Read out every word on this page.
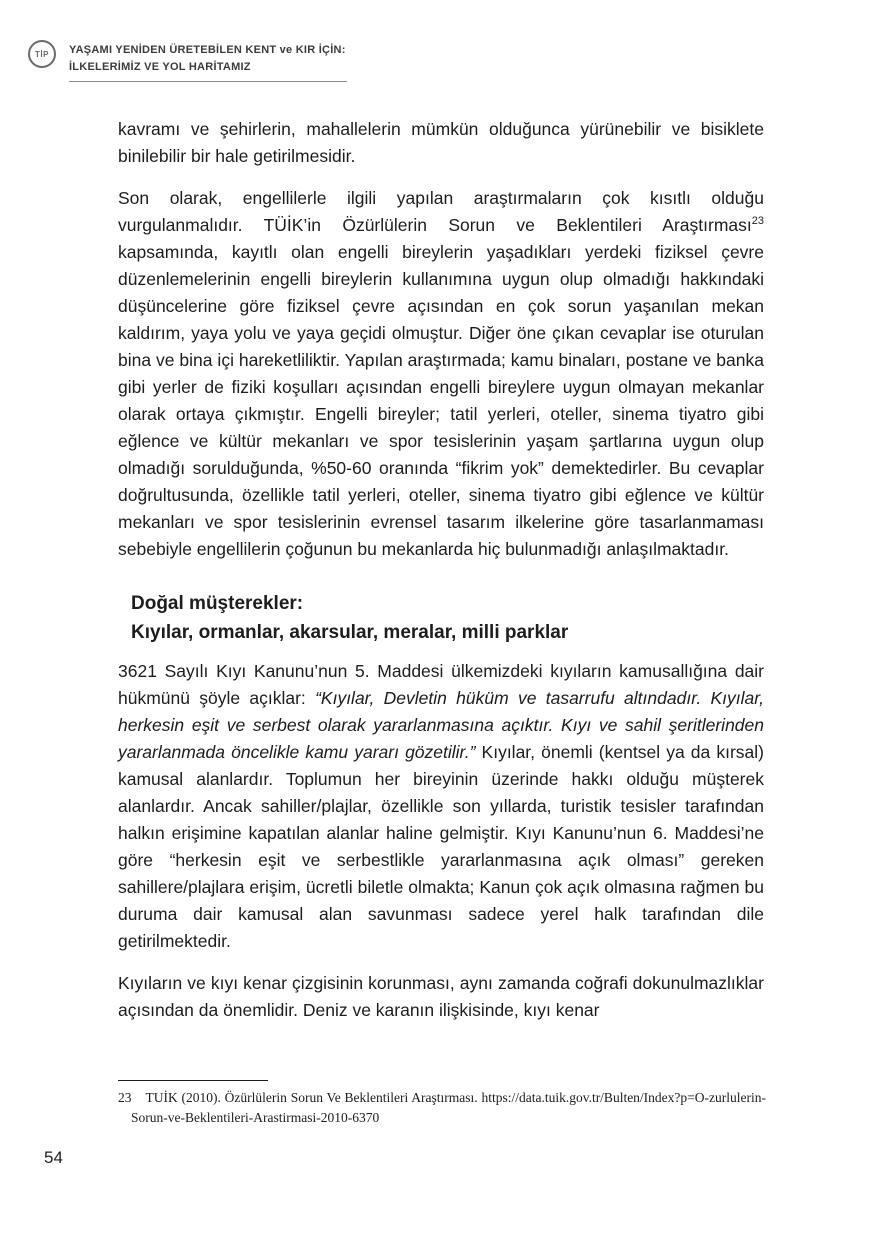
TİP	YAŞAMI YENİDEN ÜRETEBİLEN KENT ve KIR İÇİN:
İLKELERİMİZ VE YOL HARİTAMIZ

kavramı ve şehirlerin, mahallelerin mümkün olduğunca yürünebilir ve bisiklete binilebilir bir hale getirilmesidir.

Son olarak, engellilerle ilgili yapılan araştırmaların çok kısıtlı olduğu vurgulanmalıdır. TÜİK’in Özürlülerin Sorun ve Beklentileri Araştırması$^{23}$ kapsamında, kayıtlı olan engelli bireylerin yaşadıkları yerdeki fiziksel çevre düzenlemelerinin engelli bireylerin kullanımına uygun olup olmadığı hakkındaki düşüncelerine göre fiziksel çevre açısından en çok sorun yaşanılan mekan kaldırım, yaya yolu ve yaya geçidi olmuştur. Diğer öne çıkan cevaplar ise oturulan bina ve bina içi hareketliliktir. Yapılan araştırmada; kamu binaları, postane ve banka gibi yerler de fiziki koşulları açısından engelli bireylere uygun olmayan mekanlar olarak ortaya çıkmıştır. Engelli bireyler; tatil yerleri, oteller, sinema tiyatro gibi eğlence ve kültür mekanları ve spor tesislerinin yaşam şartlarına uygun olup olmadığı sorulduğunda, %50-60 oranında “fikrim yok” demektedirler. Bu cevaplar doğrultusunda, özellikle tatil yerleri, oteller, sinema tiyatro gibi eğlence ve kültür mekanları ve spor tesislerinin evrensel tasarım ilkelerine göre tasarlanmaması sebebiyle engellilerin çoğunun bu mekanlarda hiç bulunmadığı anlaşılmaktadır.

Doğal müşterekler:
Kıyılar, ormanlar, akarsular, meralar, milli parklar

3621 Sayılı Kıyı Kanunu’nun 5. Maddesi ülkemizdeki kıyıların kamusallığına dair hükmünü şöyle açıklar: “Kıyılar, Devletin hüküm ve tasarrufu altındadır. Kıyılar, herkesin eşit ve serbest olarak yararlanmasına açıktır. Kıyı ve sahil şeritlerinden yararlanmada öncelikle kamu yararı gözetilir.” Kıyılar, önemli (kentsel ya da kırsal) kamusal alanlardır. Toplumun her bireyinin üzerinde hakkı olduğu müşterek alanlardır. Ancak sahiller/plajlar, özellikle son yıllarda, turistik tesisler tarafından halkın erişimine kapatılan alanlar haline gelmiştir. Kıyı Kanunu’nun 6. Maddesi’ne göre “herkesin eşit ve serbestlikle yararlanmasına açık olması” gereken sahillere/plajlara erişim, ücretli biletle olmakta; Kanun çok açık olmasına rağmen bu duruma dair kamusal alan savunması sadece yerel halk tarafından dile getirilmektedir.

Kıyıların ve kıyı kenar çizgisinin korunması, aynı zamanda coğrafi dokunulmazlıklar açısından da önemlidir. Deniz ve karanın ilişkisinde, kıyı kenar

23 TUİK (2010). Özürlülerin Sorun Ve Beklentileri Araştırması. https://data.tuik.gov.tr/Bulten/Index?p=O-zurlulerin-Sorun-ve-Beklentileri-Arastirmasi-2010-6370
54
